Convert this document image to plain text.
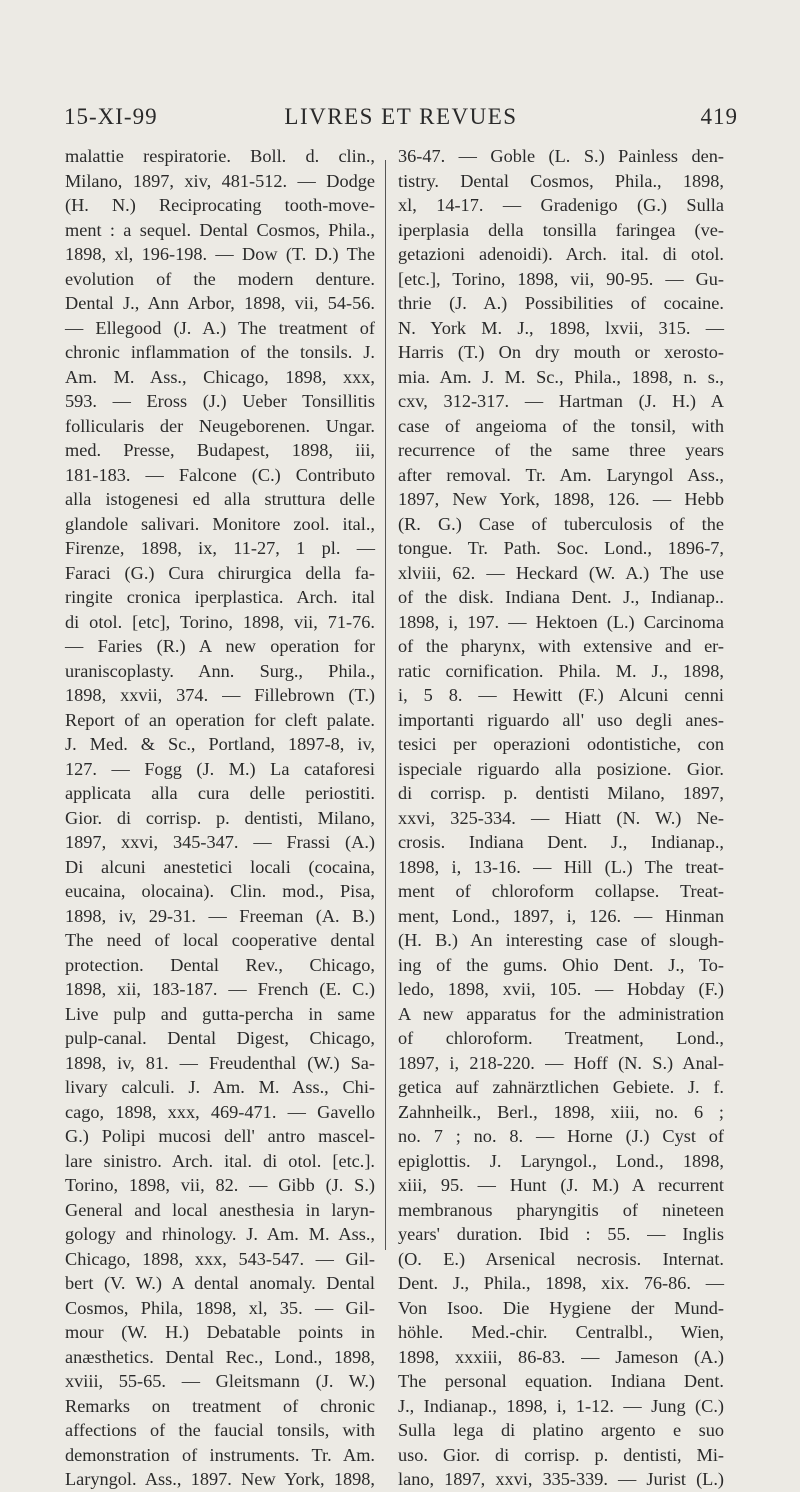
15-XI-99	LIVRES ET REVUES	419
malattie respiratorie. Boll. d. clin.,
Milano, 1897, xiv, 481-512. — Dodge
(H. N.) Reciprocating tooth-move-
ment : a sequel. Dental Cosmos, Phila.,
1898, xl, 196-198. — Dow (T. D.) The
evolution of the modern denture.
Dental J., Ann Arbor, 1898, vii, 54-56.
— Ellegood (J. A.) The treatment of
chronic inflammation of the tonsils. J.
Am. M. Ass., Chicago, 1898, xxx,
593. — Eross (J.) Ueber Tonsillitis
follicularis der Neugeborenen. Ungar.
med. Presse, Budapest, 1898, iii,
181-183. — Falcone (C.) Contributo
alla istogenesi ed alla struttura delle
glandole salivari. Monitore zool. ital.,
Firenze, 1898, ix, 11-27, 1 pl. —
Faraci (G.) Cura chirurgica della fa-
ringite cronica iperplastica. Arch. ital
di otol. [etc], Torino, 1898, vii, 71-76.
— Faries (R.) A new operation for
uraniscoplasty. Ann. Surg., Phila.,
1898, xxvii, 374. — Fillebrown (T.)
Report of an operation for cleft palate.
J. Med. & Sc., Portland, 1897-8, iv,
127. — Fogg (J. M.) La cataforesi
applicata alla cura delle periostiti.
Gior. di corrisp. p. dentisti, Milano,
1897, xxvi, 345-347. — Frassi (A.)
Di alcuni anestetici locali (cocaina,
eucaina, olocaina). Clin. mod., Pisa,
1898, iv, 29-31. — Freeman (A. B.)
The need of local cooperative dental
protection. Dental Rev., Chicago,
1898, xii, 183-187. — French (E. C.)
Live pulp and gutta-percha in same
pulp-canal. Dental Digest, Chicago,
1898, iv, 81. — Freudenthal (W.) Sa-
livary calculi. J. Am. M. Ass., Chi-
cago, 1898, xxx, 469-471. — Gavello
G.) Polipi mucosi dell' antro mascel-
lare sinistro. Arch. ital. di otol. [etc.].
Torino, 1898, vii, 82. — Gibb (J. S.)
General and local anesthesia in laryn-
gology and rhinology. J. Am. M. Ass.,
Chicago, 1898, xxx, 543-547. — Gil-
bert (V. W.) A dental anomaly. Dental
Cosmos, Phila, 1898, xl, 35. — Gil-
mour (W. H.) Debatable points in
anæsthetics. Dental Rec., Lond., 1898,
xviii, 55-65. — Gleitsmann (J. W.)
Remarks on treatment of chronic
affections of the faucial tonsils, with
demonstration of instruments. Tr. Am.
Laryngol. Ass., 1897. New York, 1898,
36-47. — Goble (L. S.) Painless den-
tistry. Dental Cosmos, Phila., 1898,
xl, 14-17. — Gradenigo (G.) Sulla
iperplasia della tonsilla faringea (ve-
getazioni adenoidi). Arch. ital. di otol.
[etc.], Torino, 1898, vii, 90-95. — Gu-
thrie (J. A.) Possibilities of cocaine.
N. York M. J., 1898, lxvii, 315. —
Harris (T.) On dry mouth or xerosto-
mia. Am. J. M. Sc., Phila., 1898, n. s.,
cxv, 312-317. — Hartman (J. H.) A
case of angeioma of the tonsil, with
recurrence of the same three years
after removal. Tr. Am. Laryngol Ass.,
1897, New York, 1898, 126. — Hebb
(R. G.) Case of tuberculosis of the
tongue. Tr. Path. Soc. Lond., 1896-7,
xlviii, 62. — Heckard (W. A.) The use
of the disk. Indiana Dent. J., Indianap..
1898, i, 197. — Hektoen (L.) Carcinoma
of the pharynx, with extensive and er-
ratic cornification. Phila. M. J., 1898,
i, 5 8. — Hewitt (F.) Alcuni cenni
importanti riguardo all' uso degli anes-
tesici per operazioni odontistiche, con
ispeciale riguardo alla posizione. Gior.
di corrisp. p. dentisti Milano, 1897,
xxvi, 325-334. — Hiatt (N. W.) Ne-
crosis. Indiana Dent. J., Indianap.,
1898, i, 13-16. — Hill (L.) The treat-
ment of chloroform collapse. Treat-
ment, Lond., 1897, i, 126. — Hinman
(H. B.) An interesting case of slough-
ing of the gums. Ohio Dent. J., To-
ledo, 1898, xvii, 105. — Hobday (F.)
A new apparatus for the administration
of chloroform. Treatment, Lond.,
1897, i, 218-220. — Hoff (N. S.) Anal-
getica auf zahnärztlichen Gebiete. J. f.
Zahnheilk., Berl., 1898, xiii, no. 6 ;
no. 7 ; no. 8. — Horne (J.) Cyst of
epiglottis. J. Laryngol., Lond., 1898,
xiii, 95. — Hunt (J. M.) A recurrent
membranous pharyngitis of nineteen
years' duration. Ibid : 55. — Inglis
(O. E.) Arsenical necrosis. Internat.
Dent. J., Phila., 1898, xix. 76-86. —
Von Isoo. Die Hygiene der Mund-
höhle. Med.-chir. Centralbl., Wien,
1898, xxxiii, 86-83. — Jameson (A.)
The personal equation. Indiana Dent.
J., Indianap., 1898, i, 1-12. — Jung (C.)
Sulla lega di platino argento e suo
uso. Gior. di corrisp. p. dentisti, Mi-
lano, 1897, xxvi, 335-339. — Jurist (L.)
